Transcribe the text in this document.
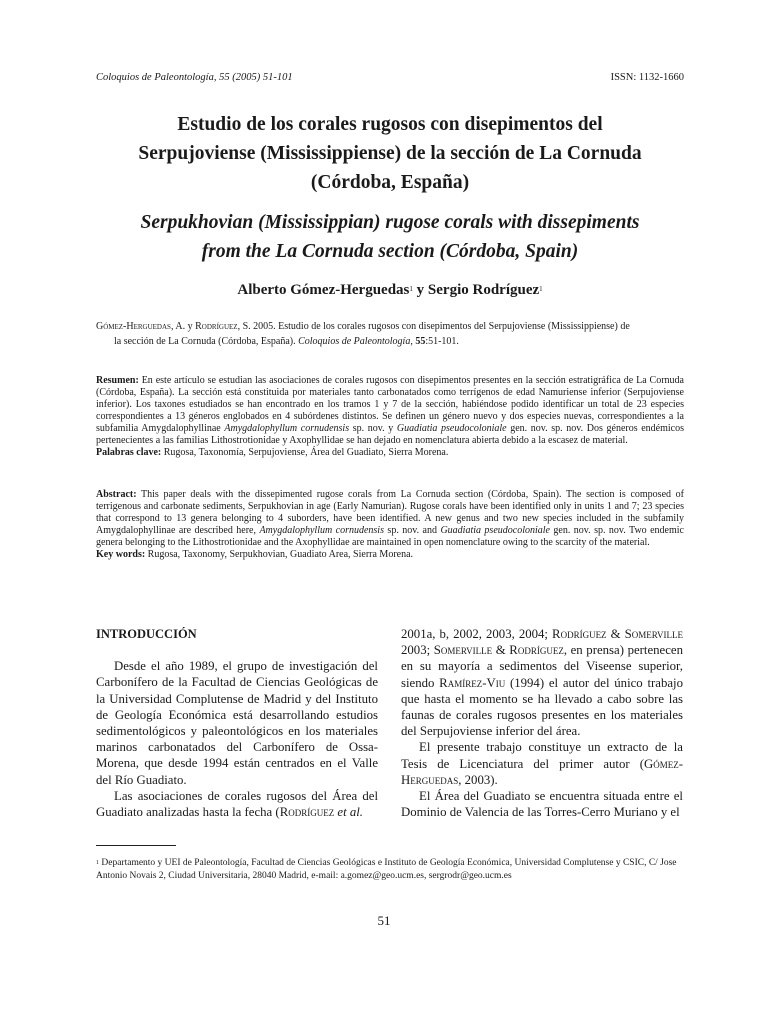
Coloquios de Paleontología, 55 (2005) 51-101	ISSN: 1132-1660
Estudio de los corales rugosos con disepimentos del
Serpujoviense (Mississippiense) de la sección de La Cornuda
(Córdoba, España)
Serpukhovian (Mississippian) rugose corals with dissepiments
from the La Cornuda section (Córdoba, Spain)
Alberto Gómez-Herguedas$^1$ y Sergio Rodríguez$^1$
Gómez-Herguedas, A. y Rodríguez, S. 2005. Estudio de los corales rugosos con disepimentos del Serpujoviense (Mississippiense) de
la sección de La Cornuda (Córdoba, España). Coloquios de Paleontología, 55:51-101.
Resumen: En este artículo se estudian las asociaciones de corales rugosos con disepimentos presentes en la sección estratigráfica de La Cornuda (Córdoba, España). La sección está constituida por materiales tanto carbonatados como terrígenos de edad Namuriense inferior (Serpujoviense inferior). Los taxones estudiados se han encontrado en los tramos 1 y 7 de la sección, habiéndose podido identificar un total de 23 especies correspondientes a 13 géneros englobados en 4 subórdenes distintos. Se definen un género nuevo y dos especies nuevas, correspondientes a la subfamilia Amygdalophyllinae Amygdalophyllum cornudensis sp. nov. y Guadiatia pseudocoloniale gen. nov. sp. nov. Dos géneros endémicos pertenecientes a las familias Lithostrotionidae y Axophyllidae se han dejado en nomenclatura abierta debido a la escasez de material.
Palabras clave: Rugosa, Taxonomía, Serpujoviense, Área del Guadiato, Sierra Morena.
Abstract: This paper deals with the dissepimented rugose corals from La Cornuda section (Córdoba, Spain). The section is composed of terrigenous and carbonate sediments, Serpukhovian in age (Early Namurian). Rugose corals have been identified only in units 1 and 7; 23 species that correspond to 13 genera belonging to 4 suborders, have been identified. A new genus and two new species included in the subfamily Amygdalophyllinae are described here, Amygdalophyllum cornudensis sp. nov. and Guadiatia pseudocoloniale gen. nov. sp. nov. Two endemic genera belonging to the Lithostrotionidae and the Axophyllidae are maintained in open nomenclature owing to the scarcity of the material.
Key words: Rugosa, Taxonomy, Serpukhovian, Guadiato Area, Sierra Morena.

INTRODUCCIÓN

Desde el año 1989, el grupo de investigación del Carbonífero de la Facultad de Ciencias Geológicas de la Universidad Complutense de Madrid y del Instituto de Geología Económica está desarrollando estudios sedimentológicos y paleontológicos en los materiales marinos carbonatados del Carbonífero de Ossa-Morena, que desde 1994 están centrados en el Valle del Río Guadiato.

Las asociaciones de corales rugosos del Área del Guadiato analizadas hasta la fecha (Rodríguez et al.

2001a, b, 2002, 2003, 2004; Rodríguez & Somerville 2003; Somerville & Rodríguez, en prensa) pertenecen en su mayoría a sedimentos del Viseense superior, siendo Ramírez-Viu (1994) el autor del único trabajo que hasta el momento se ha llevado a cabo sobre las faunas de corales rugosos presentes en los materiales del Serpujoviense inferior del área.

El presente trabajo constituye un extracto de la Tesis de Licenciatura del primer autor (Gómez-Herguedas, 2003).

El Área del Guadiato se encuentra situada entre el Dominio de Valencia de las Torres-Cerro Muriano y el

$^1$ Departamento y UEI de Paleontología, Facultad de Ciencias Geológicas e Instituto de Geología Económica, Universidad Complutense y CSIC, C/ Jose Antonio Novais 2, Ciudad Universitaria, 28040 Madrid, e-mail: a.gomez@geo.ucm.es, sergrodr@geo.ucm.es
51
